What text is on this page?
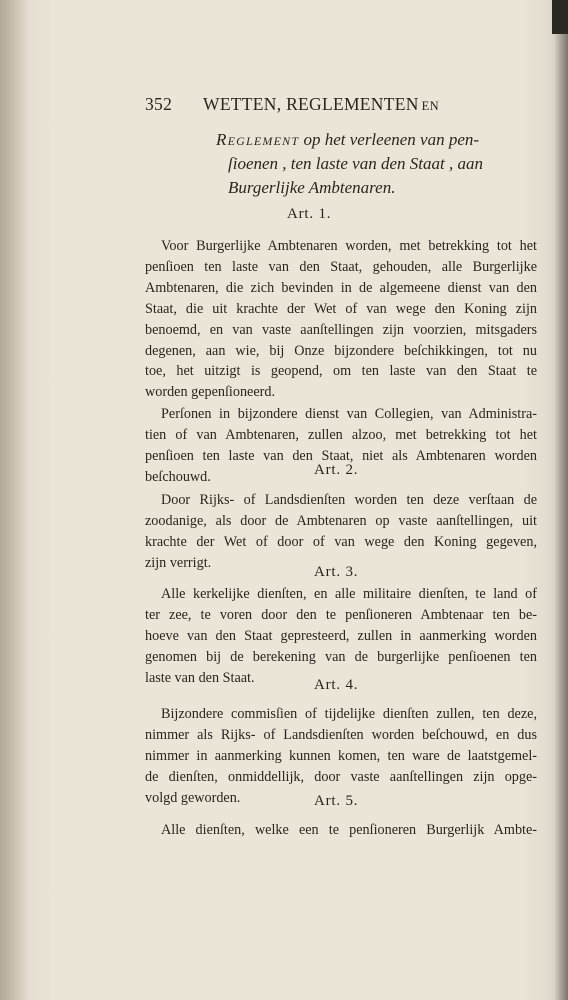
352 WETTEN, REGLEMENTEN EN
Reglement op het verleenen van pen-
ſioenen , ten laste van den Staat , aan
Burgerlijke Ambtenaren.
Art. 1.
Voor Burgerlijke Ambtenaren worden, met betrekking tot het
penſioen ten laste van den Staat, gehouden, alle Burgerlijke
Ambtenaren, die zich bevinden in de algemeene dienst van den
Staat, die uit krachte der Wet of van wege den Koning zijn
benoemd, en van vaste aanſtellingen zijn voorzien, mitsgaders
degenen, aan wie, bij Onze bijzondere beſchikkingen, tot nu
toe, het uitzigt is geopend, om ten laste van den Staat te
worden gepenſioneerd.
Perſonen in bijzondere dienst van Collegien, van Administra-
tien of van Ambtenaren, zullen alzoo, met betrekking tot het
penſioen ten laste van den Staat, niet als Ambtenaren worden
beſchouwd.	Art. 2.
Door Rijks- of Landsdienſten worden ten deze verſtaan de
zoodanige, als door de Ambtenaren op vaste aanſtellingen, uit
krachte der Wet of door of van wege den Koning gegeven,
zijn verrigt.
Art. 3.
Alle kerkelijke dienſten, en alle militaire dienſten, te land of
ter zee, te voren door den te penſioneren Ambtenaar ten be-
hoeve van den Staat gepresteerd, zullen in aanmerking worden
genomen bij de berekening van de burgerlijke penſioenen ten
laste van den Staat.	Art. 4.
Bijzondere commisſien of tijdelijke dienſten zullen, ten deze,
nimmer als Rijks- of Landsdienſten worden beſchouwd, en dus
nimmer in aanmerking kunnen komen, ten ware de laatstgemel-
de dienſten, onmiddellijk, door vaste aanſtellingen zijn opge-
volgd geworden.	Art. 5.
Alle dienſten, welke een te penſioneren Burgerlijk Ambte-
